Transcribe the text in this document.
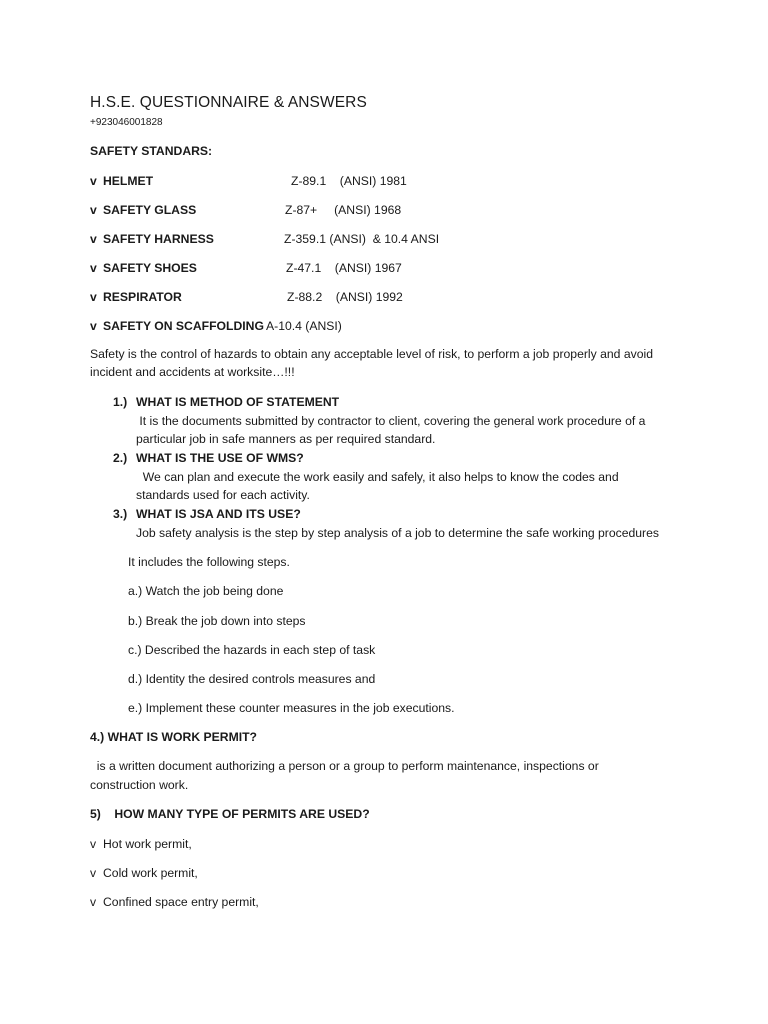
H.S.E. QUESTIONNAIRE & ANSWERS
+923046001828
SAFETY STANDARS:
v HELMET	Z-89.1    (ANSI) 1981
v SAFETY GLASS	Z-87+     (ANSI) 1968
v SAFETY HARNESS	Z-359.1 (ANSI)  & 10.4 ANSI
v SAFETY SHOES	Z-47.1    (ANSI) 1967
v RESPIRATOR	Z-88.2    (ANSI) 1992
v SAFETY ON SCAFFOLDING A-10.4 (ANSI)
Safety is the control of hazards to obtain any acceptable level of risk, to perform a job properly and avoid incident and accidents at worksite…!!!
1.) WHAT IS METHOD OF STATEMENT
It is the documents submitted by contractor to client, covering the general work procedure of a
particular job in safe manners as per required standard.
2.) WHAT IS THE USE OF WMS?
We can plan and execute the work easily and safely, it also helps to know the codes and
standards used for each activity.
3.) WHAT IS JSA AND ITS USE?
Job safety analysis is the step by step analysis of a job to determine the safe working procedures
It includes the following steps.
a.) Watch the job being done
b.) Break the job down into steps
c.) Described the hazards in each step of task
d.) Identity the desired controls measures and
e.) Implement these counter measures in the job executions.
4.) WHAT IS WORK PERMIT?
is a written document authorizing a person or a group to perform maintenance, inspections or
construction work.
5)    HOW MANY TYPE OF PERMITS ARE USED?
v Hot work permit,
v Cold work permit,
v Confined space entry permit,
